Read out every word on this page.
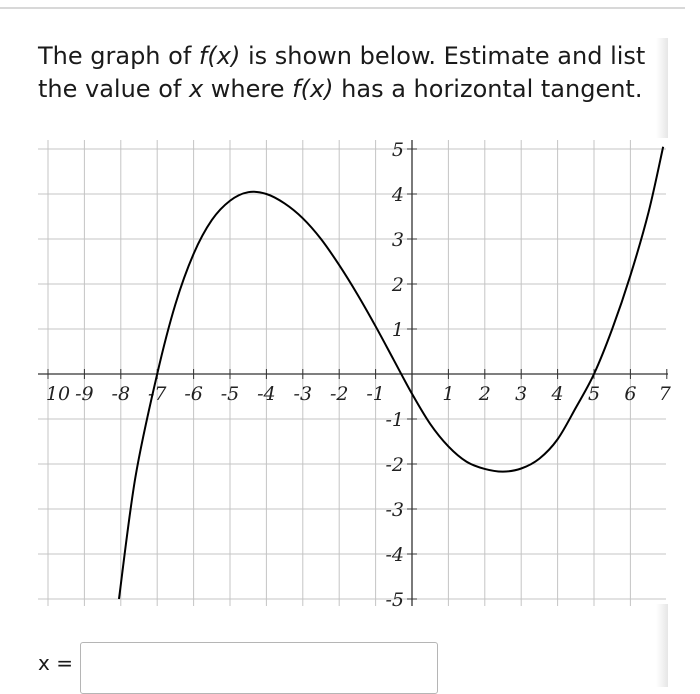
The graph of f(x) is shown below. Estimate and list the value of x where f(x) has a horizontal tangent.
10 -9 -8 -7 -6 -5 -4 -3 -2 -1	1 2 3 4 5 6 7
5
4
3
2
1
-1
-2
-3
-4
-5
x =
